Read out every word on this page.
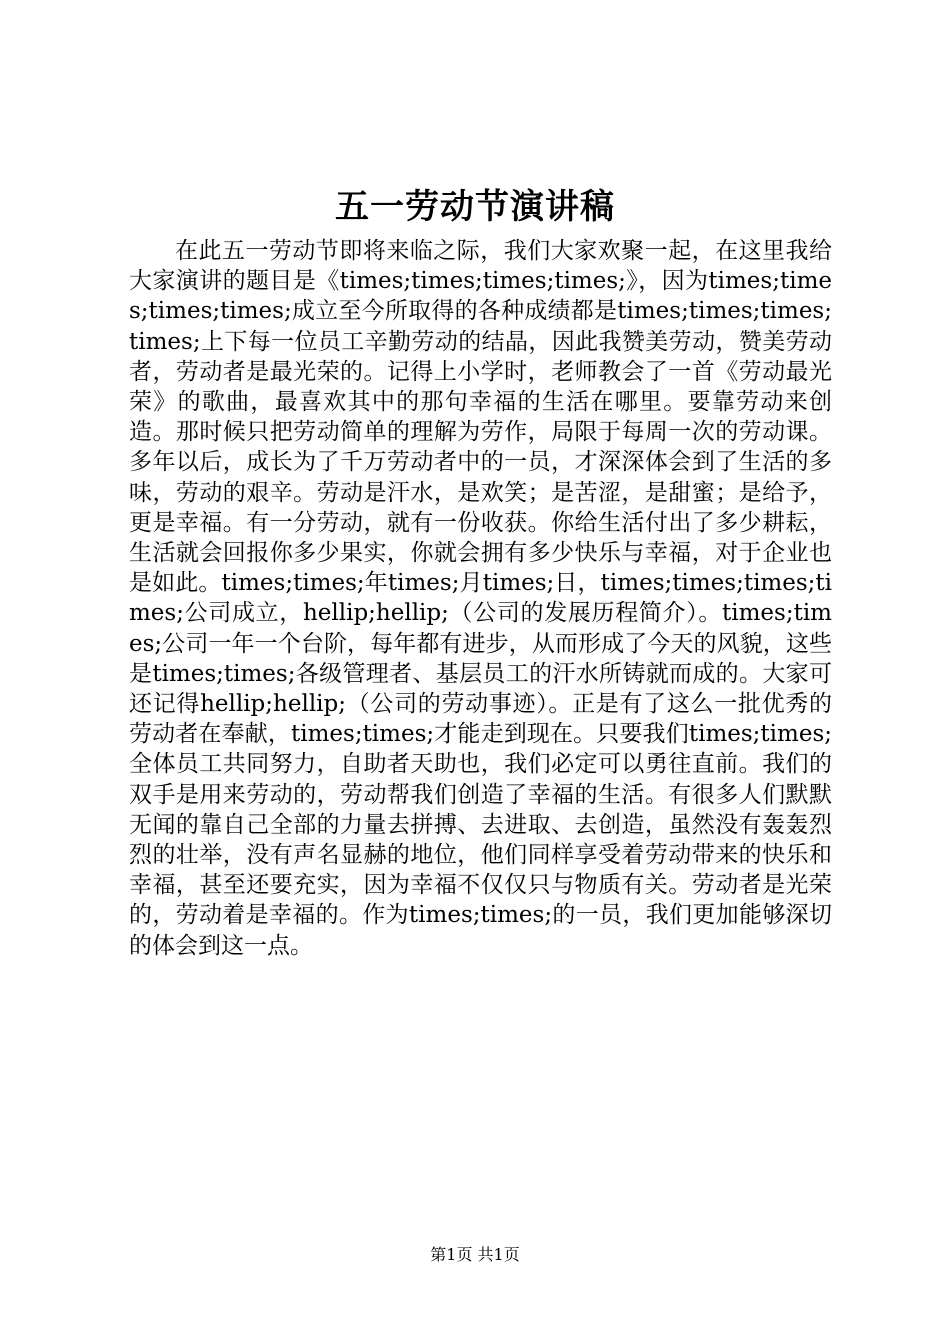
五一劳动节演讲稿

在此五一劳动节即将来临之际，我们大家欢聚一起，在这里我给大家演讲的题目是《times;times;times;times;》，因为times;times;times;times;成立至今所取得的各种成绩都是times;times;times;times;上下每一位员工辛勤劳动的结晶，因此我赞美劳动，赞美劳动者，劳动者是最光荣的。记得上小学时，老师教会了一首《劳动最光荣》的歌曲，最喜欢其中的那句幸福的生活在哪里。要靠劳动来创造。那时候只把劳动简单的理解为劳作，局限于每周一次的劳动课。多年以后，成长为了千万劳动者中的一员，才深深体会到了生活的多味，劳动的艰辛。劳动是汗水，是欢笑；是苦涩，是甜蜜；是给予，更是幸福。有一分劳动，就有一份收获。你给生活付出了多少耕耘，生活就会回报你多少果实，你就会拥有多少快乐与幸福，对于企业也是如此。times;times;年times;月times;日，times;times;times;times;公司成立，hellip;hellip;（公司的发展历程简介）。times;times;公司一年一个台阶，每年都有进步，从而形成了今天的风貌，这些是times;times;各级管理者、基层员工的汗水所铸就而成的。大家可还记得hellip;hellip;（公司的劳动事迹）。正是有了这么一批优秀的劳动者在奉献，times;times;才能走到现在。只要我们times;times;全体员工共同努力，自助者天助也，我们必定可以勇往直前。我们的双手是用来劳动的，劳动帮我们创造了幸福的生活。有很多人们默默无闻的靠自己全部的力量去拼搏、去进取、去创造，虽然没有轰轰烈烈的壮举，没有声名显赫的地位，他们同样享受着劳动带来的快乐和幸福，甚至还要充实，因为幸福不仅仅只与物质有关。劳动者是光荣的，劳动着是幸福的。作为times;times;的一员，我们更加能够深切的体会到这一点。

第1页 共1页
